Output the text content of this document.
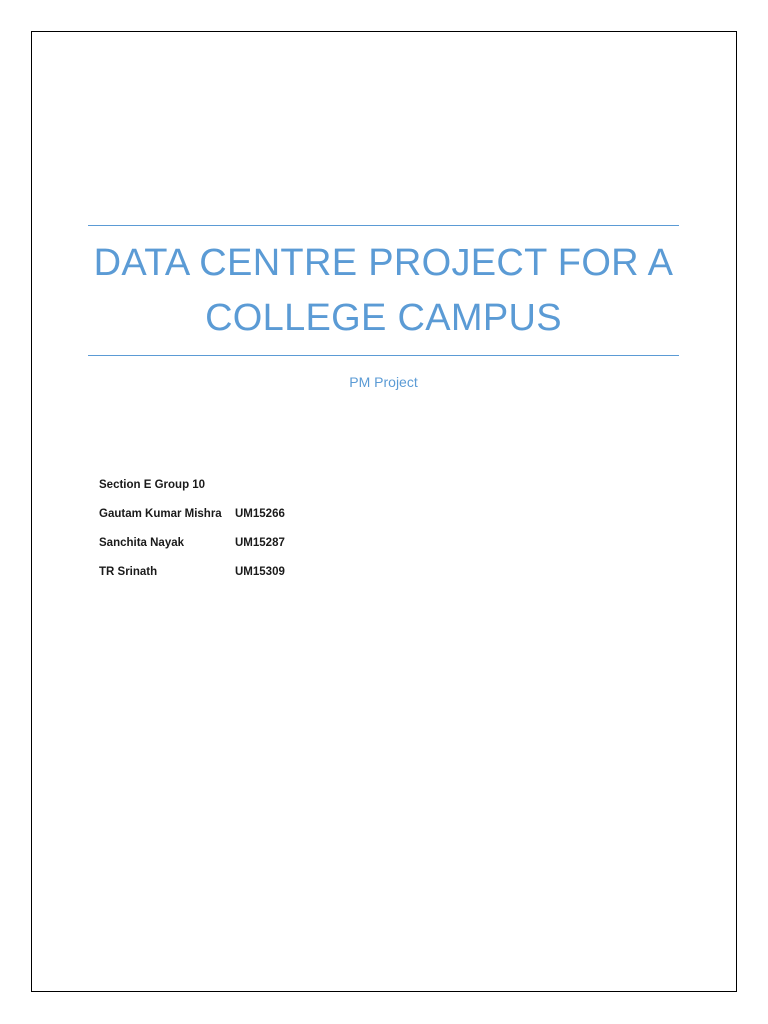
DATA CENTRE PROJECT FOR A COLLEGE CAMPUS
PM Project
Section E Group 10
Gautam Kumar Mishra	UM15266
Sanchita Nayak	UM15287
TR Srinath	UM15309
